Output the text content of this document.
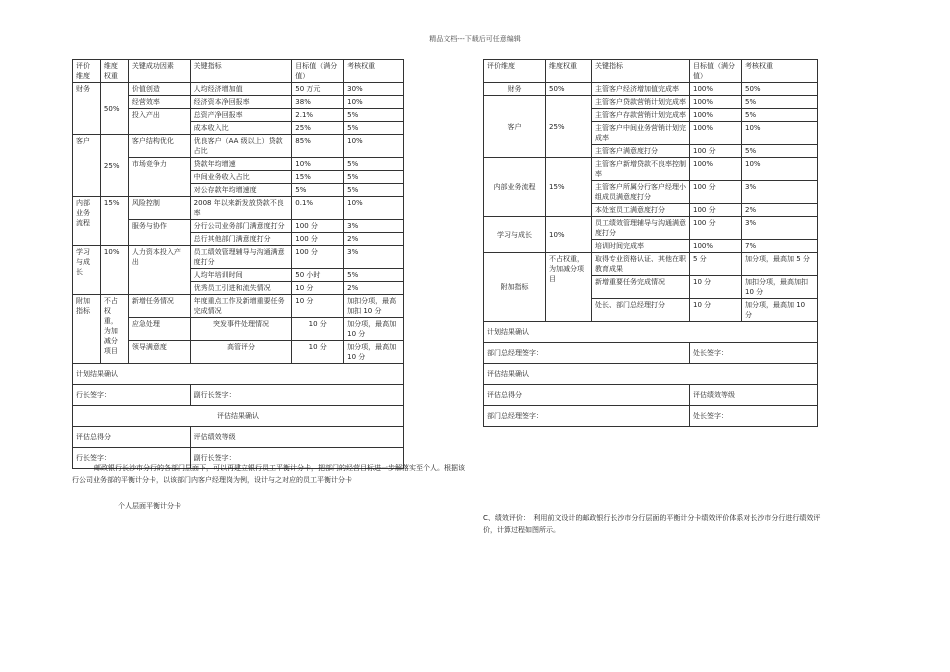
精品文档---下载后可任意编辑
评价维度	维度权重	关键成功因素	关键指标	目标值（满分值）	考核权重
财务	50%	价值创造	人均经济增加值	50 万元	30%
		经营效率	经济资本净回报率	38%	10%
		投入产出	总资产净回报率	2.1%	5%
			成本收入比	25%	5%
客户	25%	客户结构优化	优良客户（AA 级以上）贷款占比	85%	10%
		市场竞争力	贷款年均增速	10%	5%
			中间业务收入占比	15%	5%
			对公存款年均增速度	5%	5%
内部业务流程	15%	风险控制	2008 年以来新发放贷款不良率	0.1%	10%
		服务与协作	分行公司业务部门满意度打分	100 分	3%
			总行其他部门满意度打分	100 分	2%
学习与成长	10%	人力资本投入产出	员工绩效管理辅导与沟通满意度打分	100 分	3%
			人均年培训时间	50 小时	5%
			优秀员工引进和流失情况	10 分	2%
附加指标	不占权重，为加减分项目	新增任务情况	年度重点工作及新增重要任务完成情况	10 分	加扣分项，最高加扣 10 分
		应急处理	突发事件处理情况	10 分	加分项，最高加 10 分
		领导满意度	高管评分	10 分	加分项，最高加 10 分
计划结果确认					
行长签字：			副行长签字：		
评估结果确认					
评估总得分			评估绩效等级		
行长签字：			副行长签字：		
邮政银行长沙市分行的各部门层面下，可以再建立银行员工平衡计分卡，把部门的经营目标进一步解落实至个人。根据该行公司业务部的平衡计分卡，以该部门内客户经理岗为例，设计与之对应的员工平衡计分卡
个人层面平衡计分卡
评价维度	维度权重	关键指标	目标值（满分值）	考核权重
财务	50%	主管客户经济增加值完成率	100%	50%
客户	25%	主管客户贷款营销计划完成率	100%	5%
		主管客户存款营销计划完成率	100%	5%
		主管客户中间业务营销计划完成率	100%	10%
		主管客户满意度打分	100 分	5%
内部业务流程	15%	主管客户新增贷款不良率控制率	100%	10%
		主管客户所属分行客户经理小组成员满意度打分	100 分	3%
		本处室员工满意度打分	100 分	2%
学习与成长	10%	员工绩效管理辅导与沟通满意度打分	100 分	3%
		培训时间完成率	100%	7%
附加指标	不占权重，为加减分项目	取得专业资格认证、其他在职教育成果	5 分	加分项，最高加 5 分
		新增重要任务完成情况	10 分	加扣分项，最高加扣 10 分
		处长、部门总经理打分	10 分	加分项，最高加 10 分
计划结果确认				
部门总经理签字：			处长签字：	
评估结果确认				
评估总得分			评估绩效等级	
部门总经理签字：			处长签字：	
C、绩效评价：　利用前文设计的邮政银行长沙市分行层面的平衡计分卡绩效评价体系对长沙市分行进行绩效评价，计算过程如图所示。
